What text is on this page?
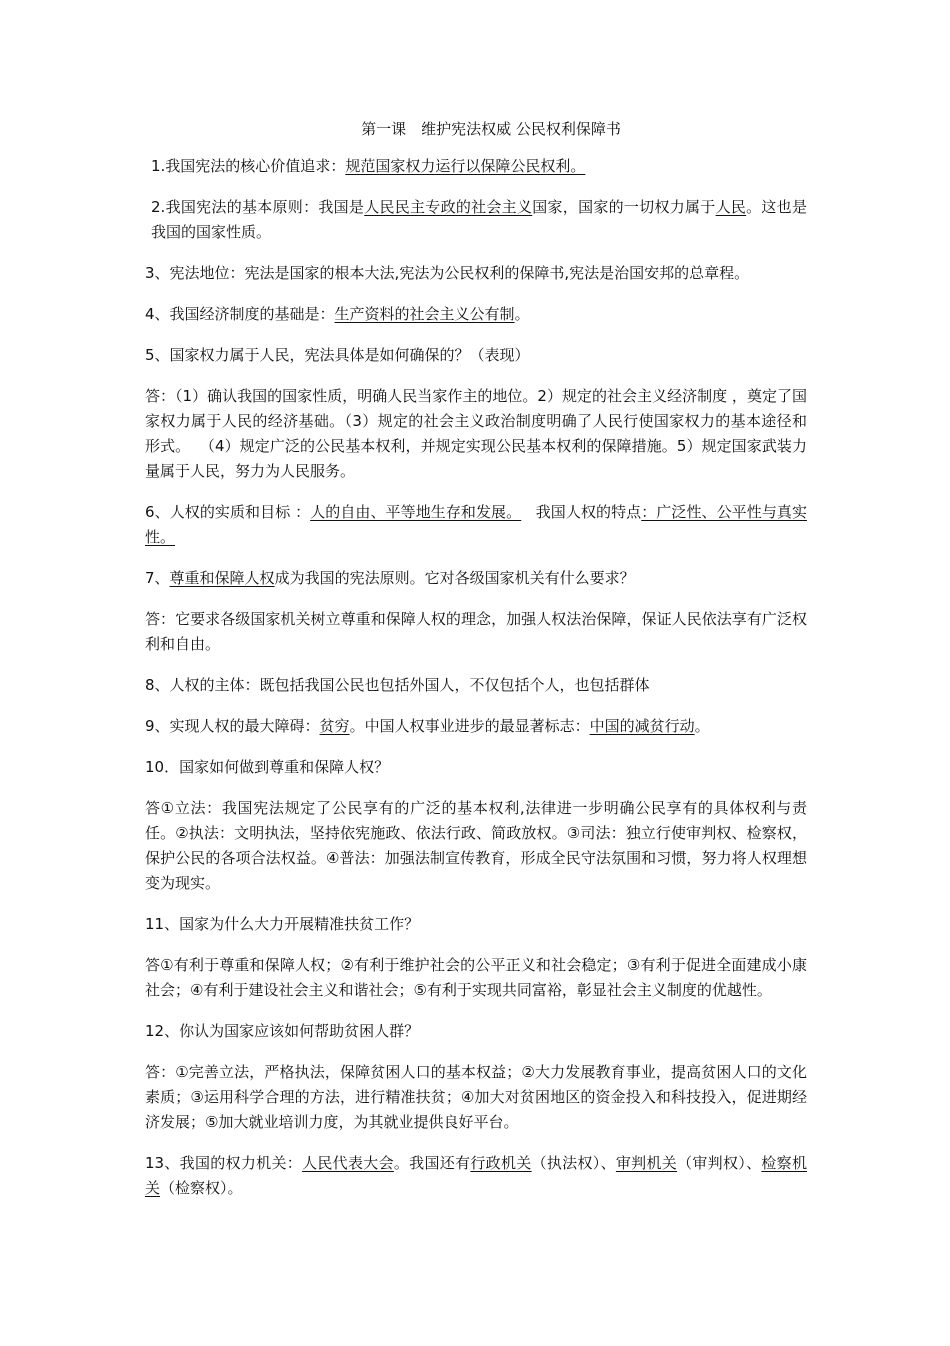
第一课　维护宪法权威 公民权利保障书
1.我国宪法的核心价值追求：规范国家权力运行以保障公民权利。
2.我国宪法的基本原则：我国是人民民主专政的社会主义国家，国家的一切权力属于人民。这也是我国的国家性质。
3、宪法地位：宪法是国家的根本大法,宪法为公民权利的保障书,宪法是治国安邦的总章程。
4、我国经济制度的基础是：生产资料的社会主义公有制。
5、国家权力属于人民，宪法具体是如何确保的？（表现）
答：（1）确认我国的国家性质，明确人民当家作主的地位。2）规定的社会主义经济制度 ，奠定了国家权力属于人民的经济基础。（3）规定的社会主义政治制度明确了人民行使国家权力的基本途径和形式。  （4）规定广泛的公民基本权利，并规定实现公民基本权利的保障措施。5）规定国家武装力量属于人民，努力为人民服务。
6、人权的实质和目标 ：人的自由、平等地生存和发展。   我国人权的特点：广泛性、公平性与真实性。
7、尊重和保障人权成为我国的宪法原则。它对各级国家机关有什么要求？
答：它要求各级国家机关树立尊重和保障人权的理念，加强人权法治保障，保证人民依法享有广泛权利和自由。
8、人权的主体：既包括我国公民也包括外国人，不仅包括个人，也包括群体
9、实现人权的最大障碍：贫穷。中国人权事业进步的最显著标志：中国的减贫行动。
10．国家如何做到尊重和保障人权？
答①立法：我国宪法规定了公民享有的广泛的基本权利,法律进一步明确公民享有的具体权利与责任。②执法：文明执法，坚持依宪施政、依法行政、简政放权。③司法：独立行使审判权、检察权，保护公民的各项合法权益。④普法：加强法制宣传教育，形成全民守法氛围和习惯，努力将人权理想变为现实。
11、国家为什么大力开展精准扶贫工作？
答①有利于尊重和保障人权；②有利于维护社会的公平正义和社会稳定；③有利于促进全面建成小康社会；④有利于建设社会主义和谐社会；⑤有利于实现共同富裕，彰显社会主义制度的优越性。
12、你认为国家应该如何帮助贫困人群？
答：①完善立法，严格执法，保障贫困人口的基本权益；②大力发展教育事业，提高贫困人口的文化素质；③运用科学合理的方法，进行精准扶贫；④加大对贫困地区的资金投入和科技投入，促进期经济发展；⑤加大就业培训力度，为其就业提供良好平台。
13、我国的权力机关：人民代表大会。我国还有行政机关（执法权）、审判机关（审判权）、检察机关（检察权）。
